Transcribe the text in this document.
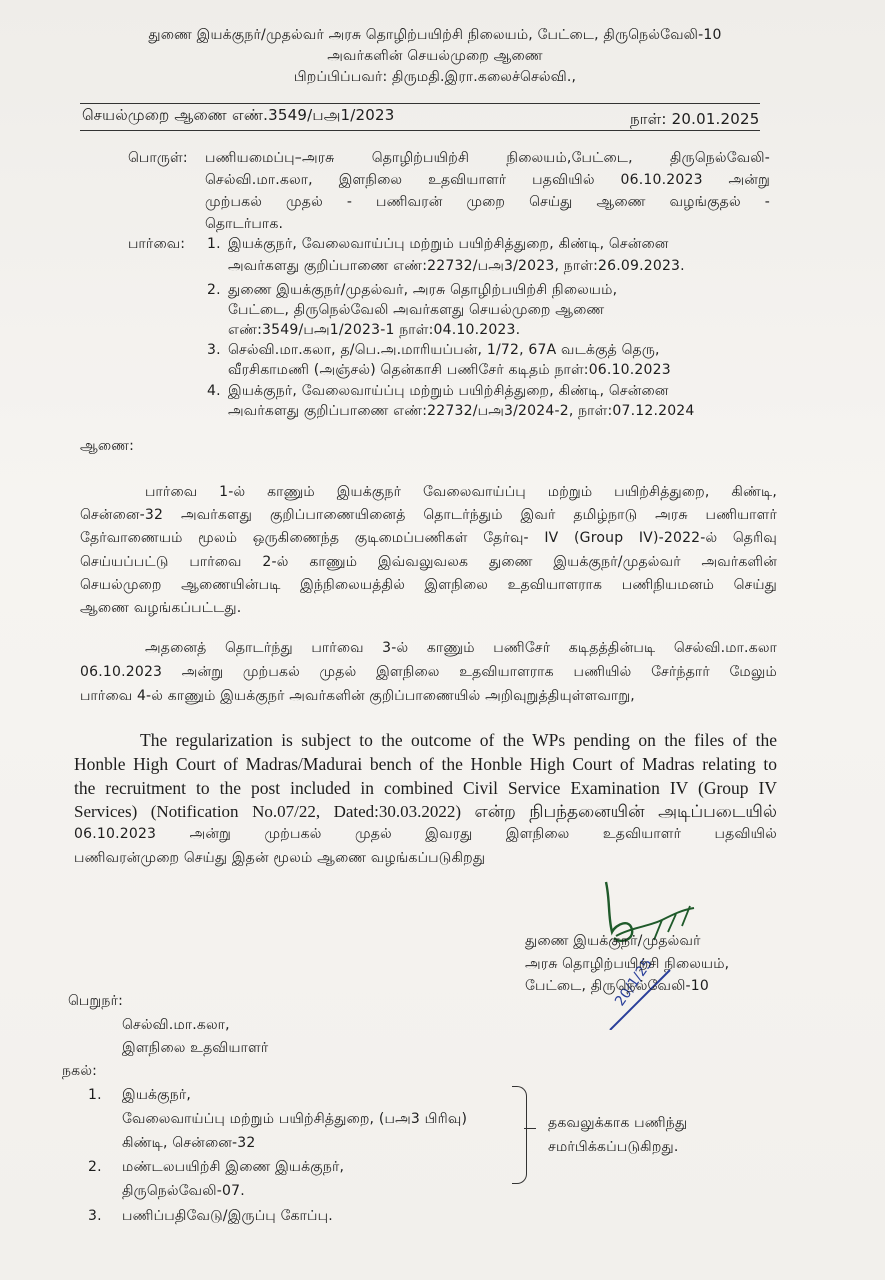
துணை இயக்குநர்/முதல்வர் அரசு தொழிற்பயிற்சி நிலையம், பேட்டை, திருநெல்வேலி-10
அவர்களின் செயல்முறை ஆணை
பிறப்பிப்பவர்: திருமதி.இரா.கலைச்செல்வி.,
செயல்முறை ஆணை எண்.3549/பஅ1/2023	நாள்: 20.01.2025
பொருள்: பணியமைப்பு–அரசு தொழிற்பயிற்சி நிலையம்,பேட்டை, திருநெல்வேலி-
செல்வி.மா.கலா, இளநிலை உதவியாளர் பதவியில் 06.10.2023 அன்று
முற்பகல் முதல் - பணிவரன் முறை செய்து ஆணை வழங்குதல் -
தொடர்பாக.
பார்வை: 1. இயக்குநர், வேலைவாய்ப்பு மற்றும் பயிற்சித்துறை, கிண்டி, சென்னை
அவர்களது குறிப்பாணை எண்:22732/பஅ3/2023, நாள்:26.09.2023.
2. துணை இயக்குநர்/முதல்வர், அரசு தொழிற்பயிற்சி நிலையம்,
பேட்டை, திருநெல்வேலி அவர்களது செயல்முறை ஆணை
எண்:3549/பஅ1/2023-1 நாள்:04.10.2023.
3. செல்வி.மா.கலா, த/பெ.அ.மாரியப்பன், 1/72, 67A வடக்குத் தெரு,
வீரசிகாமணி (அஞ்சல்) தென்காசி பணிசேர் கடிதம் நாள்:06.10.2023
4. இயக்குநர், வேலைவாய்ப்பு மற்றும் பயிற்சித்துறை, கிண்டி, சென்னை
அவர்களது குறிப்பாணை எண்:22732/பஅ3/2024-2, நாள்:07.12.2024
ஆணை:
பார்வை 1-ல் காணும் இயக்குநர் வேலைவாய்ப்பு மற்றும் பயிற்சித்துறை, கிண்டி,
சென்னை-32 அவர்களது குறிப்பாணையினைத் தொடர்ந்தும் இவர் தமிழ்நாடு அரசு பணியாளர்
தேர்வாணையம் மூலம் ஒருகிணைந்த குடிமைப்பணிகள் தேர்வு- IV (Group IV)-2022-ல் தெரிவு
செய்யப்பட்டு பார்வை 2-ல் காணும் இவ்வலுவலக துணை இயக்குநர்/முதல்வர் அவர்களின்
செயல்முறை ஆணையின்படி இந்நிலையத்தில் இளநிலை உதவியாளராக பணிநியமனம் செய்து
ஆணை வழங்கப்பட்டது.
அதனைத் தொடர்ந்து பார்வை 3-ல் காணும் பணிசேர் கடிதத்தின்படி செல்வி.மா.கலா
06.10.2023 அன்று முற்பகல் முதல் இளநிலை உதவியாளராக பணியில் சேர்ந்தார் மேலும்
பார்வை 4-ல் காணும் இயக்குநர் அவர்களின் குறிப்பாணையில் அறிவுறுத்தியுள்ளவாறு,
The regularization is subject to the outcome of the WPs pending on the files of the
Honble High Court of Madras/Madurai bench of the Honble High Court of Madras relating to
the recruitment to the post included in combined Civil Service Examination IV (Group IV
Services) (Notification No.07/22, Dated:30.03.2022) என்ற நிபந்தனையின் அடிப்படையில்
06.10.2023 அன்று முற்பகல் முதல் இவரது இளநிலை உதவியாளர் பதவியில்
பணிவரன்முறை செய்து இதன் மூலம் ஆணை வழங்கப்படுகிறது
20/1/25
துணை இயக்குநர்/முதல்வர்
அரசு தொழிற்பயிற்சி நிலையம்,
பேட்டை, திருநெல்வேலி-10
பெறுநர்:
செல்வி.மா.கலா,
இளநிலை உதவியாளர்
நகல்:
1. இயக்குநர்,
வேலைவாய்ப்பு மற்றும் பயிற்சித்துறை, (பஅ3 பிரிவு)
கிண்டி, சென்னை-32
2. மண்டலபயிற்சி இணை இயக்குநர்,
திருநெல்வேலி-07.
3. பணிப்பதிவேடு/இருப்பு கோப்பு.
தகவலுக்காக பணிந்து
சமர்பிக்கப்படுகிறது.
